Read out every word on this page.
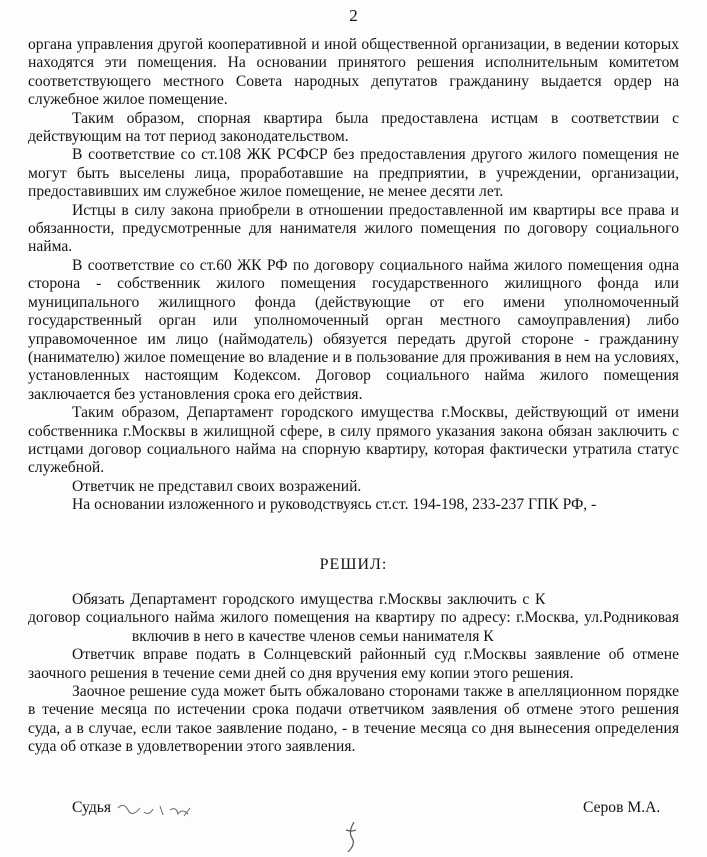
2

органа управления другой кооперативной и иной общественной организации, в ведении которых находятся эти помещения. На основании принятого решения исполнительным комитетом соответствующего местного Совета народных депутатов гражданину выдается ордер на служебное жилое помещение.

Таким образом, спорная квартира была предоставлена истцам в соответствии с действующим на тот период законодательством.

В соответствие со ст.108 ЖК РСФСР без предоставления другого жилого помещения не могут быть выселены лица, проработавшие на предприятии, в учреждении, организации, предоставивших им служебное жилое помещение, не менее десяти лет.

Истцы в силу закона приобрели в отношении предоставленной им квартиры все права и обязанности, предусмотренные для нанимателя жилого помещения по договору социального найма.

В соответствие со ст.60 ЖК РФ по договору социального найма жилого помещения одна сторона - собственник жилого помещения государственного жилищного фонда или муниципального жилищного фонда (действующие от его имени уполномоченный государственный орган или уполномоченный орган местного самоуправления) либо управомоченное им лицо (наймодатель) обязуется передать другой стороне - гражданину (нанимателю) жилое помещение во владение и в пользование для проживания в нем на условиях, установленных настоящим Кодексом. Договор социального найма жилого помещения заключается без установления срока его действия.

Таким образом, Департамент городского имущества г.Москвы, действующий от имени собственника г.Москвы в жилищной сфере, в силу прямого указания закона обязан заключить с истцами договор социального найма на спорную квартиру, которая фактически утратила статус служебной.

Ответчик не представил своих возражений.

На основании изложенного и руководствуясь ст.ст. 194-198, 233-237 ГПК РФ, -

РЕШИЛ:

Обязать Департамент городского имущества г.Москвы заключить с К  договор социального найма жилого помещения на квартиру по адресу: г.Москва, ул.Родниковая  включив в него в качестве членов семьи нанимателя К

Ответчик вправе подать в Солнцевский районный суд г.Москвы заявление об отмене заочного решения в течение семи дней со дня вручения ему копии этого решения.

Заочное решение суда может быть обжаловано сторонами также в апелляционном порядке в течение месяца по истечении срока подачи ответчиком заявления об отмене этого решения суда, а в случае, если такое заявление подано, - в течение месяца со дня вынесения определения суда об отказе в удовлетворении этого заявления.

Судья	Серов М.А.
